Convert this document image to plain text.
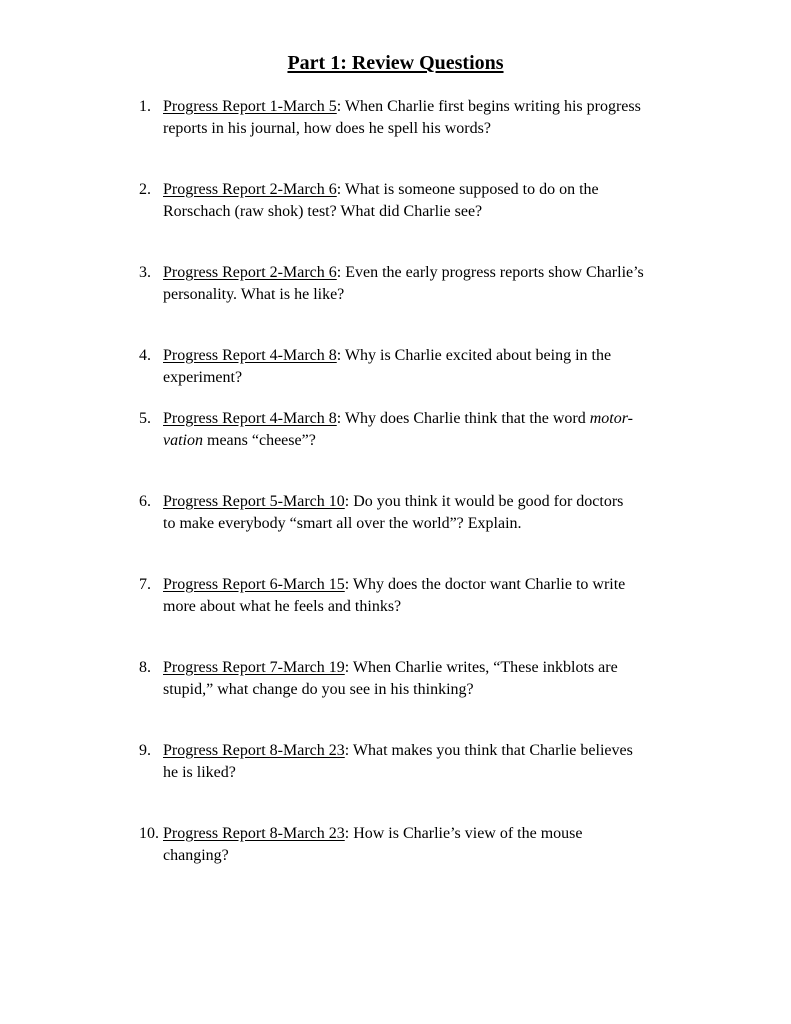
Part 1: Review Questions
1. Progress Report 1-March 5: When Charlie first begins writing his progress reports in his journal, how does he spell his words?
2. Progress Report 2-March 6: What is someone supposed to do on the Rorschach (raw shok) test? What did Charlie see?
3. Progress Report 2-March 6: Even the early progress reports show Charlie’s personality. What is he like?
4. Progress Report 4-March 8: Why is Charlie excited about being in the experiment?
5. Progress Report 4-March 8: Why does Charlie think that the word motor-vation means “cheese”?
6. Progress Report 5-March 10: Do you think it would be good for doctors to make everybody “smart all over the world”? Explain.
7. Progress Report 6-March 15: Why does the doctor want Charlie to write more about what he feels and thinks?
8. Progress Report 7-March 19: When Charlie writes, “These inkblots are stupid,” what change do you see in his thinking?
9. Progress Report 8-March 23: What makes you think that Charlie believes he is liked?
10. Progress Report 8-March 23: How is Charlie’s view of the mouse changing?
